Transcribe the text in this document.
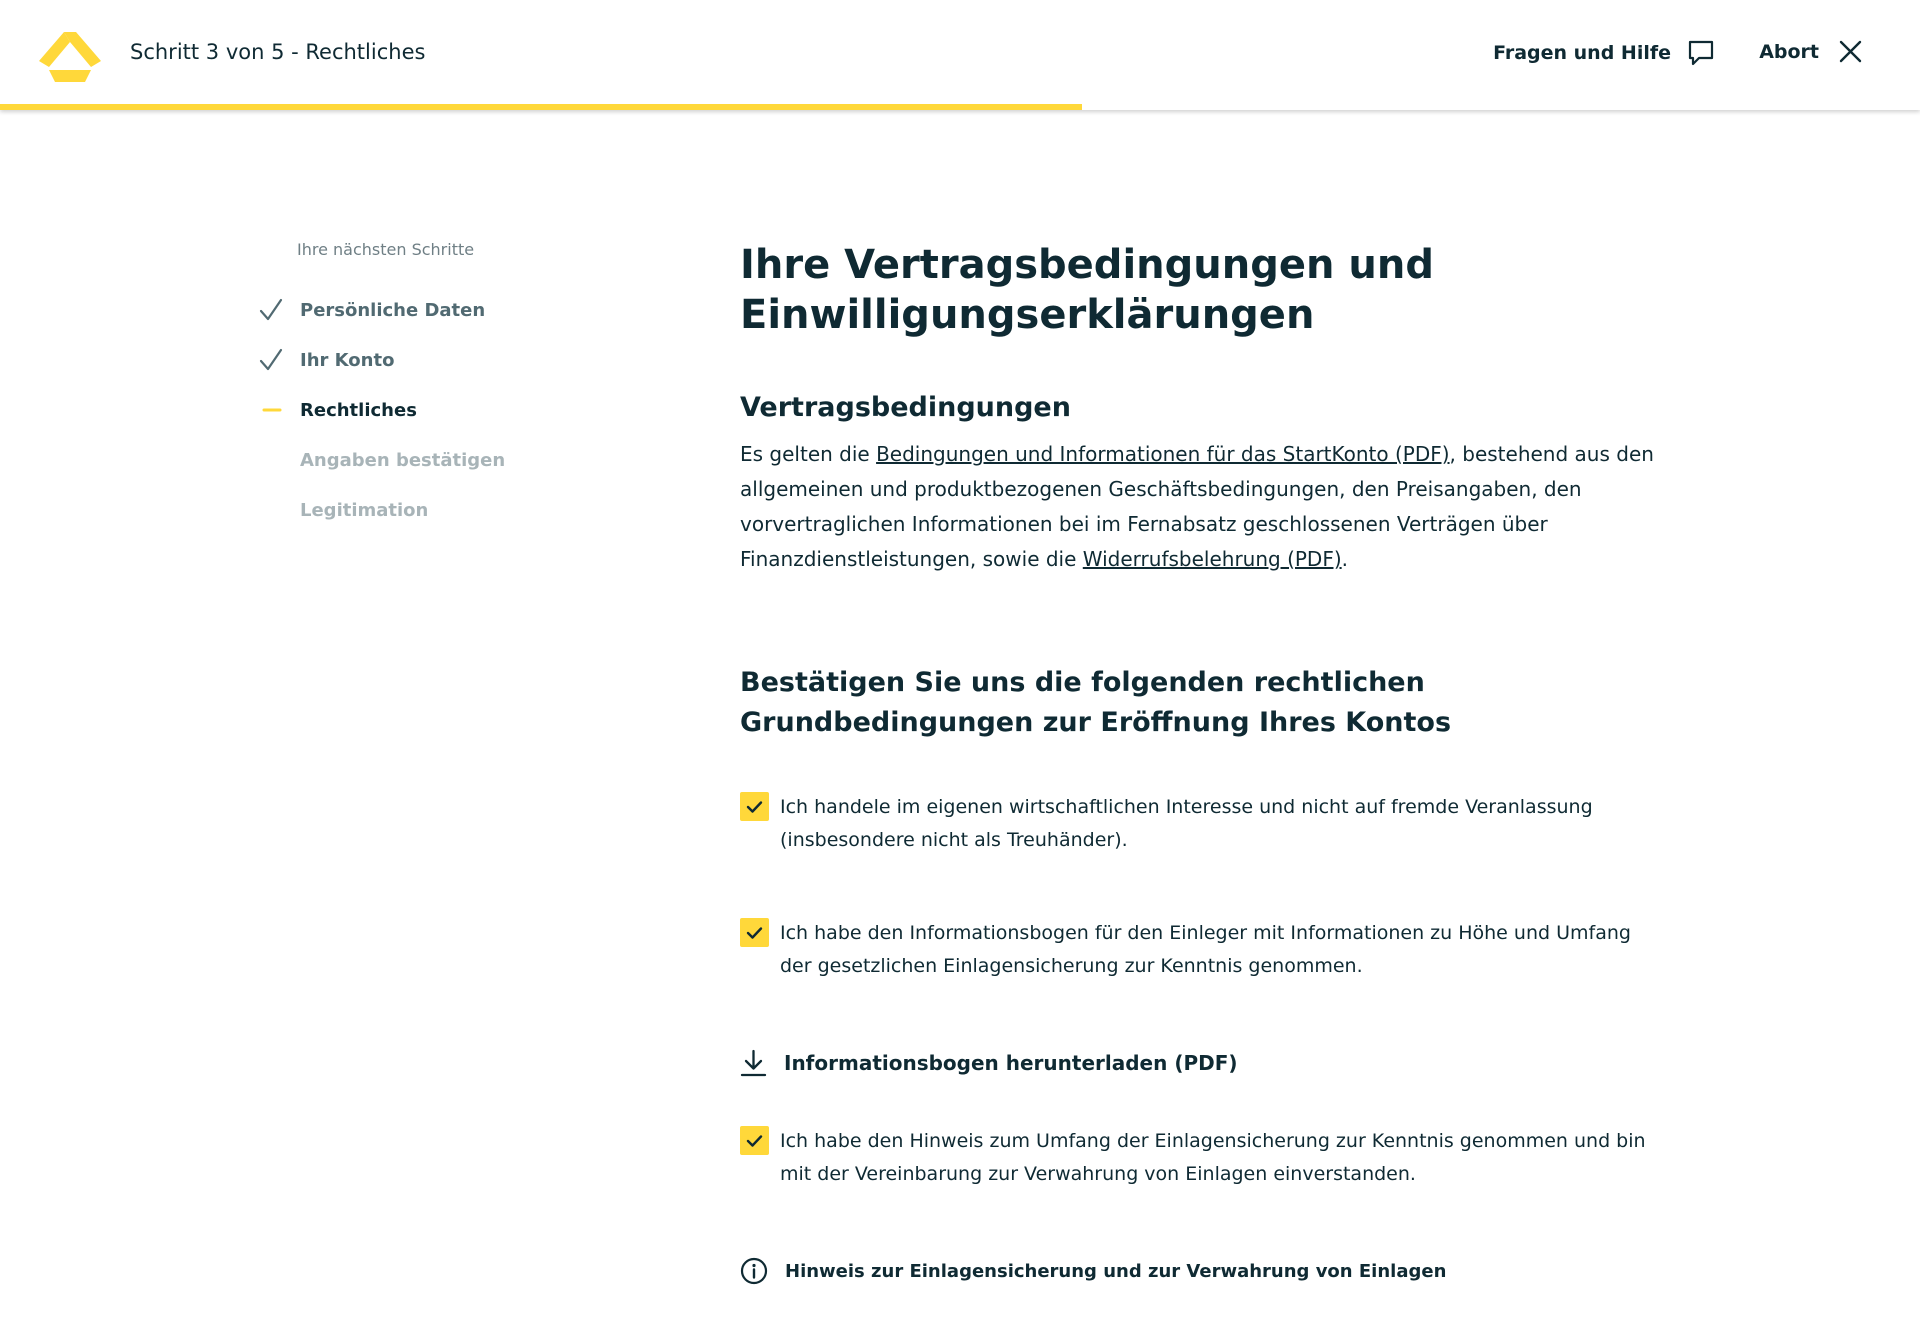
Schritt 3 von 5 - Rechtliches	Fragen und Hilfe	Abort
Ihre nächsten Schritte
Persönliche Daten
Ihr Konto
Rechtliches
Angaben bestätigen
Legitimation
Ihre Vertragsbedingungen und
Einwilligungserklärungen
Vertragsbedingungen

Es gelten die Bedingungen und Informationen für das StartKonto (PDF), bestehend aus den allgemeinen und produktbezogenen Geschäftsbedingungen, den Preisangaben, den vorvertraglichen Informationen bei im Fernabsatz geschlossenen Verträgen über Finanzdienstleistungen, sowie die Widerrufsbelehrung (PDF).

Bestätigen Sie uns die folgenden rechtlichen Grundbedingungen zur Eröffnung Ihres Kontos
Ich handele im eigenen wirtschaftlichen Interesse und nicht auf fremde Veranlassung (insbesondere nicht als Treuhänder).
Ich habe den Informationsbogen für den Einleger mit Informationen zu Höhe und Umfang der gesetzlichen Einlagensicherung zur Kenntnis genommen.
Informationsbogen herunterladen (PDF)
Ich habe den Hinweis zum Umfang der Einlagensicherung zur Kenntnis genommen und bin mit der Vereinbarung zur Verwahrung von Einlagen einverstanden.
Hinweis zur Einlagensicherung und zur Verwahrung von Einlagen
